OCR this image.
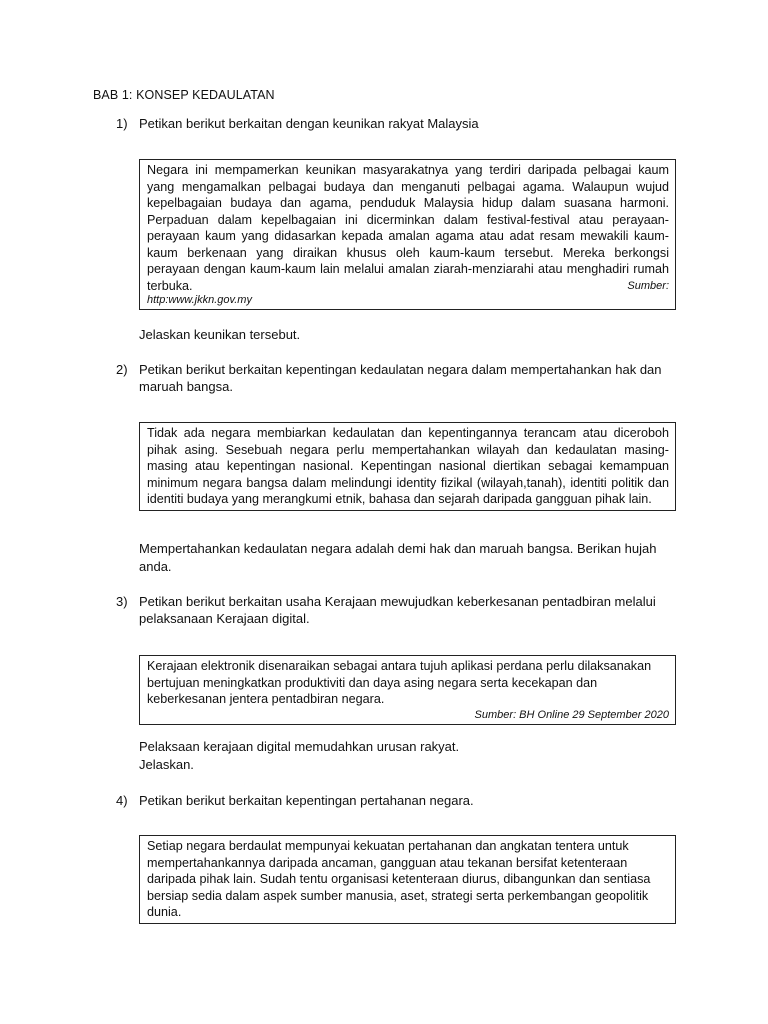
BAB 1: KONSEP KEDAULATAN
1) Petikan berikut berkaitan dengan keunikan rakyat Malaysia
Negara ini mempamerkan keunikan masyarakatnya yang terdiri daripada pelbagai kaum yang mengamalkan pelbagai budaya dan menganuti pelbagai agama. Walaupun wujud kepelbagaian budaya dan agama, penduduk Malaysia hidup dalam suasana harmoni. Perpaduan dalam kepelbagaian ini dicerminkan dalam festival-festival atau perayaan-perayaan kaum yang didasarkan kepada amalan agama atau adat resam mewakili kaum-kaum berkenaan yang diraikan khusus oleh kaum-kaum tersebut. Mereka berkongsi perayaan dengan kaum-kaum lain melalui amalan ziarah-menziarahi atau menghadiri rumah terbuka.	Sumber:
http:www.jkkn.gov.my
Jelaskan keunikan tersebut.
2) Petikan berikut berkaitan kepentingan kedaulatan negara dalam mempertahankan hak dan maruah bangsa.
Tidak ada negara membiarkan kedaulatan dan kepentingannya terancam atau diceroboh pihak asing. Sesebuah negara perlu mempertahankan wilayah dan kedaulatan masing-masing atau kepentingan nasional. Kepentingan nasional diertikan sebagai kemampuan minimum negara bangsa dalam melindungi identity fizikal (wilayah,tanah), identiti politik dan identiti budaya yang merangkumi etnik, bahasa dan sejarah daripada gangguan pihak lain.
Mempertahankan kedaulatan negara adalah demi hak dan maruah bangsa. Berikan hujah anda.
3) Petikan berikut berkaitan usaha Kerajaan mewujudkan keberkesanan pentadbiran melalui pelaksanaan Kerajaan digital.
Kerajaan elektronik disenaraikan sebagai antara tujuh aplikasi perdana perlu dilaksanakan bertujuan meningkatkan produktiviti dan daya asing negara serta kecekapan dan keberkesanan jentera pentadbiran negara.
Sumber: BH Online 29 September 2020
Pelaksaan kerajaan digital memudahkan urusan rakyat.
Jelaskan.
4) Petikan berikut berkaitan kepentingan pertahanan negara.
Setiap negara berdaulat mempunyai kekuatan pertahanan dan angkatan tentera untuk mempertahankannya daripada ancaman, gangguan atau tekanan bersifat ketenteraan daripada pihak lain. Sudah tentu organisasi ketenteraan diurus, dibangunkan dan sentiasa bersiap sedia dalam aspek sumber manusia, aset, strategi serta perkembangan geopolitik dunia.
